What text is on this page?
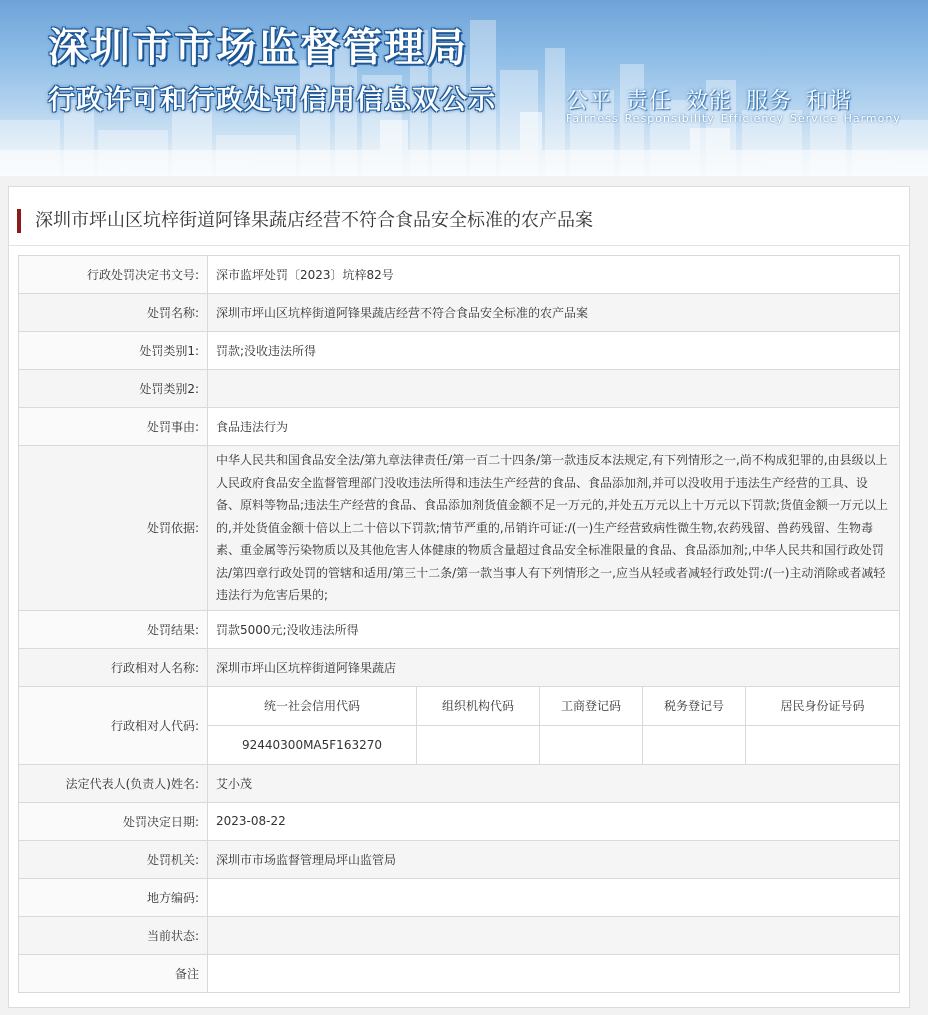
深圳市市场监督管理局
行政许可和行政处罚信用信息双公示	公平 责任 效能 服务 和谐
Fairness Responsibility Efficiency Service Harmony
深圳市坪山区坑梓街道阿锋果蔬店经营不符合食品安全标准的农产品案
行政处罚决定书文号:	深市监坪处罚〔2023〕坑梓82号
处罚名称:	深圳市坪山区坑梓街道阿锋果蔬店经营不符合食品安全标准的农产品案
处罚类别1:	罚款;没收违法所得
处罚类别2:	
处罚事由:	食品违法行为
处罚依据:	中华人民共和国食品安全法/第九章法律责任/第一百二十四条/第一款违反本法规定,有下列情形之一,尚不构成犯罪的,由县级以上人民政府食品安全监督管理部门没收违法所得和违法生产经营的食品、食品添加剂,并可以没收用于违法生产经营的工具、设备、原料等物品;违法生产经营的食品、食品添加剂货值金额不足一万元的,并处五万元以上十万元以下罚款;货值金额一万元以上的,并处货值金额十倍以上二十倍以下罚款;情节严重的,吊销许可证:/(一)生产经营致病性微生物,农药残留、兽药残留、生物毒素、重金属等污染物质以及其他危害人体健康的物质含量超过食品安全标准限量的食品、食品添加剂;,中华人民共和国行政处罚法/第四章行政处罚的管辖和适用/第三十二条/第一款当事人有下列情形之一,应当从轻或者减轻行政处罚:/(一)主动消除或者减轻违法行为危害后果的;
处罚结果:	罚款5000元;没收违法所得
行政相对人名称:	深圳市坪山区坑梓街道阿锋果蔬店
行政相对人代码:	
统一社会信用代码	组织机构代码	工商登记码	税务登记号	居民身份证号码
92440300MA5F163270				

法定代表人(负责人)姓名:	艾小茂
处罚决定日期:	2023-08-22
处罚机关:	深圳市市场监督管理局坪山监管局
地方编码:	
当前状态:	
备注	
